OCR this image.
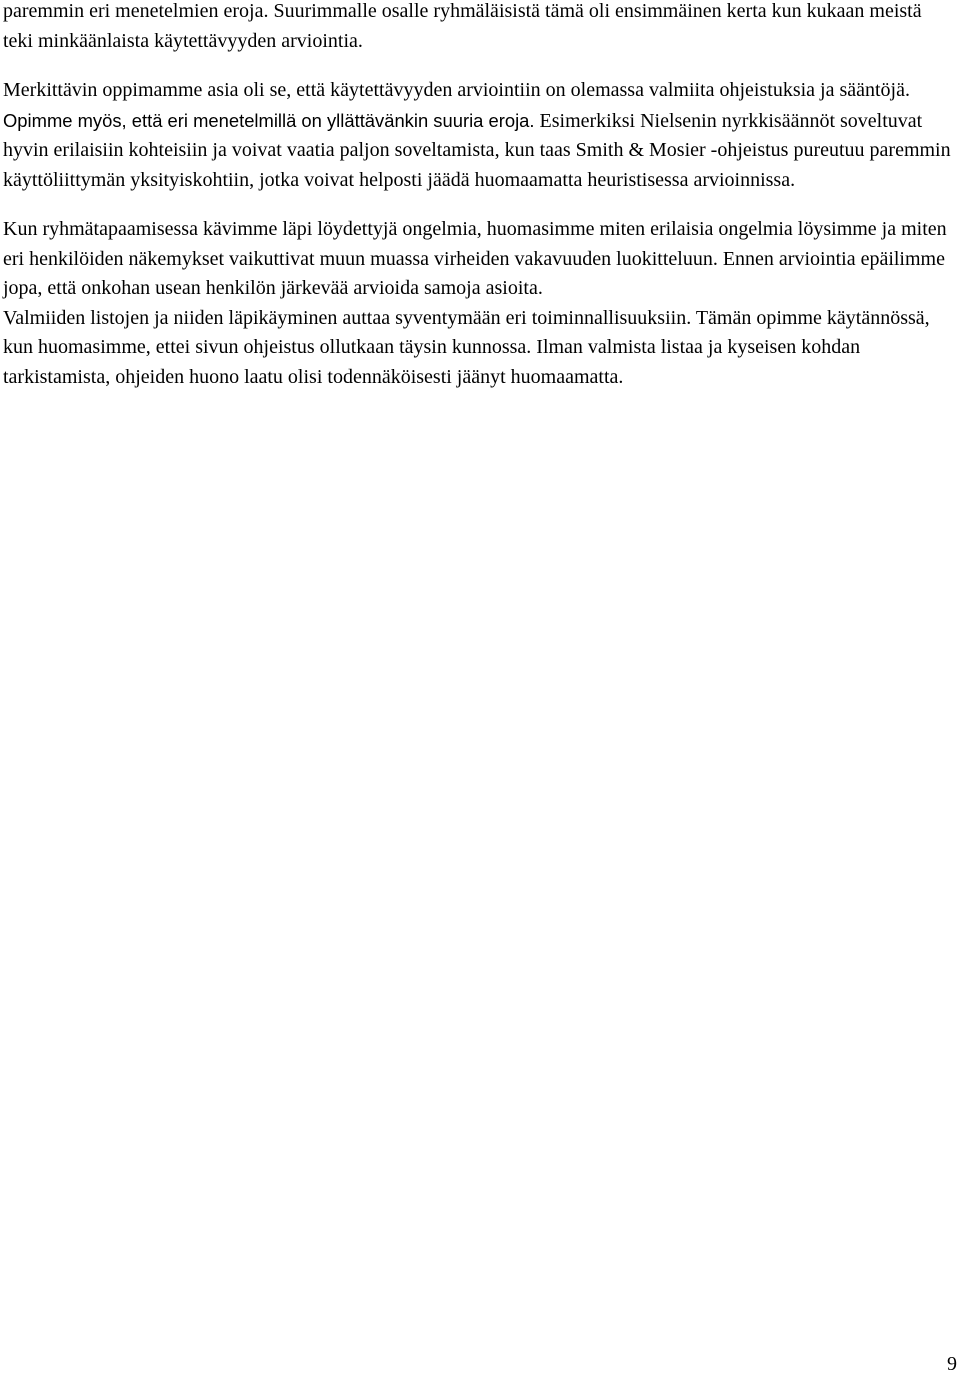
paremmin eri menetelmien eroja. Suurimmalle osalle ryhmäläisistä tämä oli ensimmäinen kerta kun kukaan meistä teki minkäänlaista käytettävyyden arviointia.

Merkittävin oppimamme asia oli se, että käytettävyyden arviointiin on olemassa valmiita ohjeistuksia ja sääntöjä. Opimme myös, että eri menetelmillä on yllättävänkin suuria eroja. Esimerkiksi Nielsenin nyrkkisäännöt soveltuvat hyvin erilaisiin kohteisiin ja voivat vaatia paljon soveltamista, kun taas Smith & Mosier -ohjeistus pureutuu paremmin käyttöliittymän yksityiskohtiin, jotka voivat helposti jäädä huomaamatta heuristisessa arvioinnissa.

Kun ryhmätapaamisessa kävimme läpi löydettyjä ongelmia, huomasimme miten erilaisia ongelmia löysimme ja miten eri henkilöiden näkemykset vaikuttivat muun muassa virheiden vakavuuden luokitteluun. Ennen arviointia epäilimme jopa, että onkohan usean henkilön järkevää arvioida samoja asioita.

Valmiiden listojen ja niiden läpikäyminen auttaa syventymään eri toiminnallisuuksiin. Tämän opimme käytännössä, kun huomasimme, ettei sivun ohjeistus ollutkaan täysin kunnossa. Ilman valmista listaa ja kyseisen kohdan tarkistamista, ohjeiden huono laatu olisi todennäköisesti jäänyt huomaamatta.

9
